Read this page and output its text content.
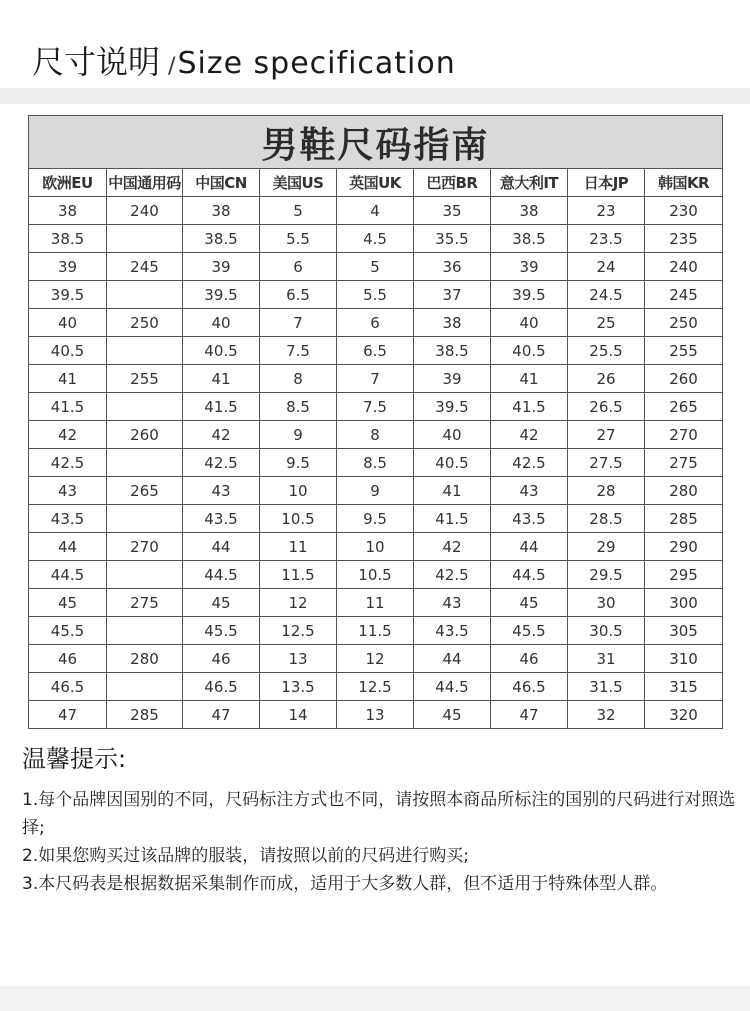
尺寸说明 /Size specification
男鞋尺码指南								
欧洲EU	中国通用码	中国CN	美国US	英国UK	巴西BR	意大利IT	日本JP	韩国KR
38	240	38	5	4	35	38	23	230
38.5		38.5	5.5	4.5	35.5	38.5	23.5	235
39	245	39	6	5	36	39	24	240
39.5		39.5	6.5	5.5	37	39.5	24.5	245
40	250	40	7	6	38	40	25	250
40.5		40.5	7.5	6.5	38.5	40.5	25.5	255
41	255	41	8	7	39	41	26	260
41.5		41.5	8.5	7.5	39.5	41.5	26.5	265
42	260	42	9	8	40	42	27	270
42.5		42.5	9.5	8.5	40.5	42.5	27.5	275
43	265	43	10	9	41	43	28	280
43.5		43.5	10.5	9.5	41.5	43.5	28.5	285
44	270	44	11	10	42	44	29	290
44.5		44.5	11.5	10.5	42.5	44.5	29.5	295
45	275	45	12	11	43	45	30	300
45.5		45.5	12.5	11.5	43.5	45.5	30.5	305
46	280	46	13	12	44	46	31	310
46.5		46.5	13.5	12.5	44.5	46.5	31.5	315
47	285	47	14	13	45	47	32	320
温馨提示:
1.每个品牌因国别的不同，尺码标注方式也不同，请按照本商品所标注的国别的尺码进行对照选择;
2.如果您购买过该品牌的服装，请按照以前的尺码进行购买;
3.本尺码表是根据数据采集制作而成，适用于大多数人群，但不适用于特殊体型人群。
